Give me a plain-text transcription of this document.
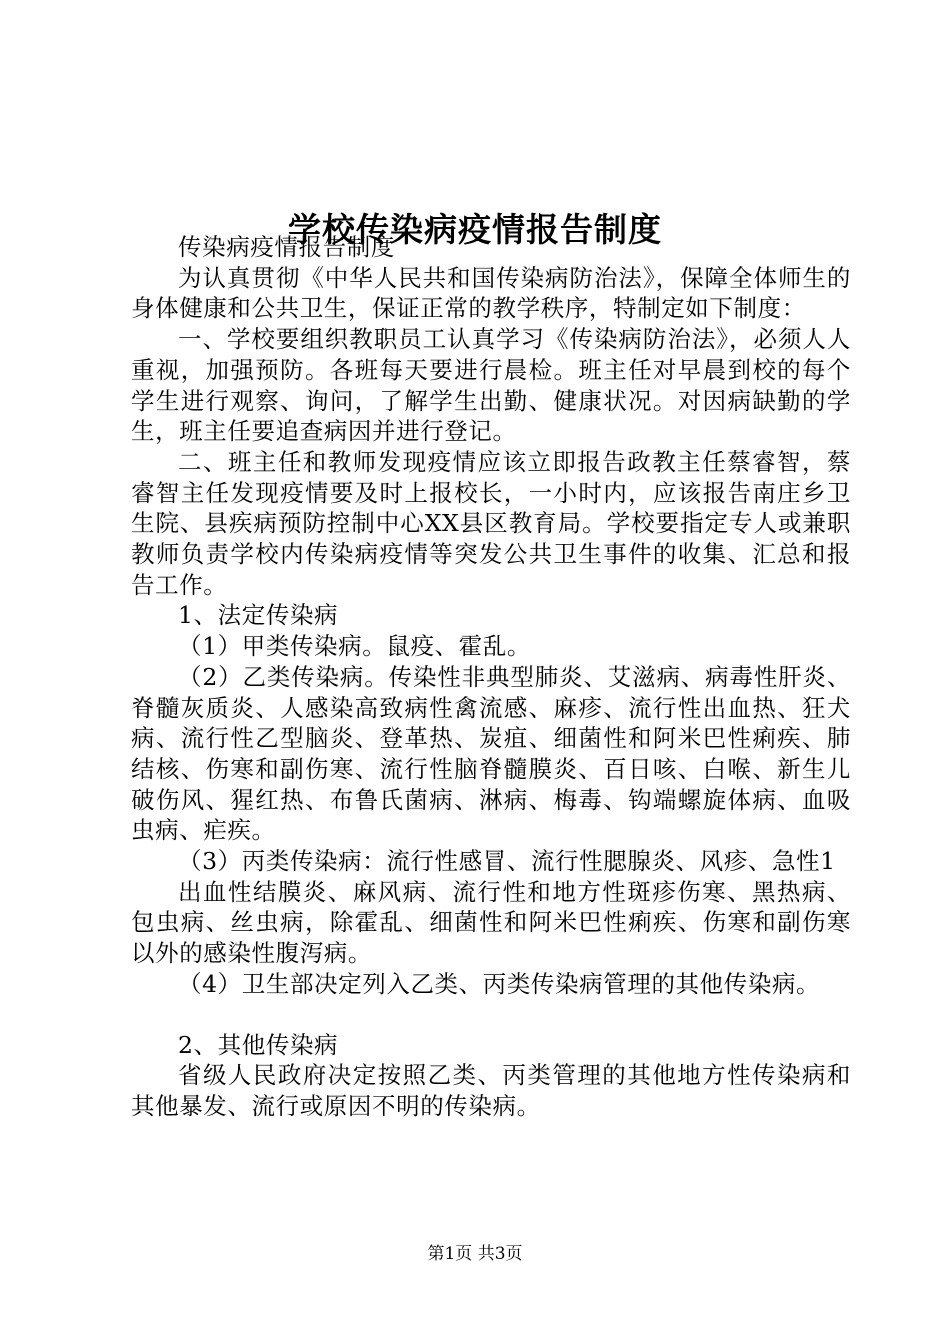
学校传染病疫情报告制度

传染病疫情报告制度

为认真贯彻《中华人民共和国传染病防治法》，保障全体师生的身体健康和公共卫生，保证正常的教学秩序，特制定如下制度：

一、学校要组织教职员工认真学习《传染病防治法》，必须人人重视，加强预防。各班每天要进行晨检。班主任对早晨到校的每个学生进行观察、询问，了解学生出勤、健康状况。对因病缺勤的学生，班主任要追查病因并进行登记。

二、班主任和教师发现疫情应该立即报告政教主任蔡睿智，蔡睿智主任发现疫情要及时上报校长，一小时内，应该报告南庄乡卫生院、县疾病预防控制中心XX县区教育局。学校要指定专人或兼职教师负责学校内传染病疫情等突发公共卫生事件的收集、汇总和报告工作。

1、法定传染病

（1）甲类传染病。鼠疫、霍乱。

（2）乙类传染病。传染性非典型肺炎、艾滋病、病毒性肝炎、脊髓灰质炎、人感染高致病性禽流感、麻疹、流行性出血热、狂犬病、流行性乙型脑炎、登革热、炭疽、细菌性和阿米巴性痢疾、肺结核、伤寒和副伤寒、流行性脑脊髓膜炎、百日咳、白喉、新生儿破伤风、猩红热、布鲁氏菌病、淋病、梅毒、钩端螺旋体病、血吸虫病、疟疾。

（3）丙类传染病：流行性感冒、流行性腮腺炎、风疹、急性1

出血性结膜炎、麻风病、流行性和地方性斑疹伤寒、黑热病、包虫病、丝虫病，除霍乱、细菌性和阿米巴性痢疾、伤寒和副伤寒以外的感染性腹泻病。

（4）卫生部决定列入乙类、丙类传染病管理的其他传染病。

2、其他传染病

省级人民政府决定按照乙类、丙类管理的其他地方性传染病和其他暴发、流行或原因不明的传染病。

第1页 共3页
